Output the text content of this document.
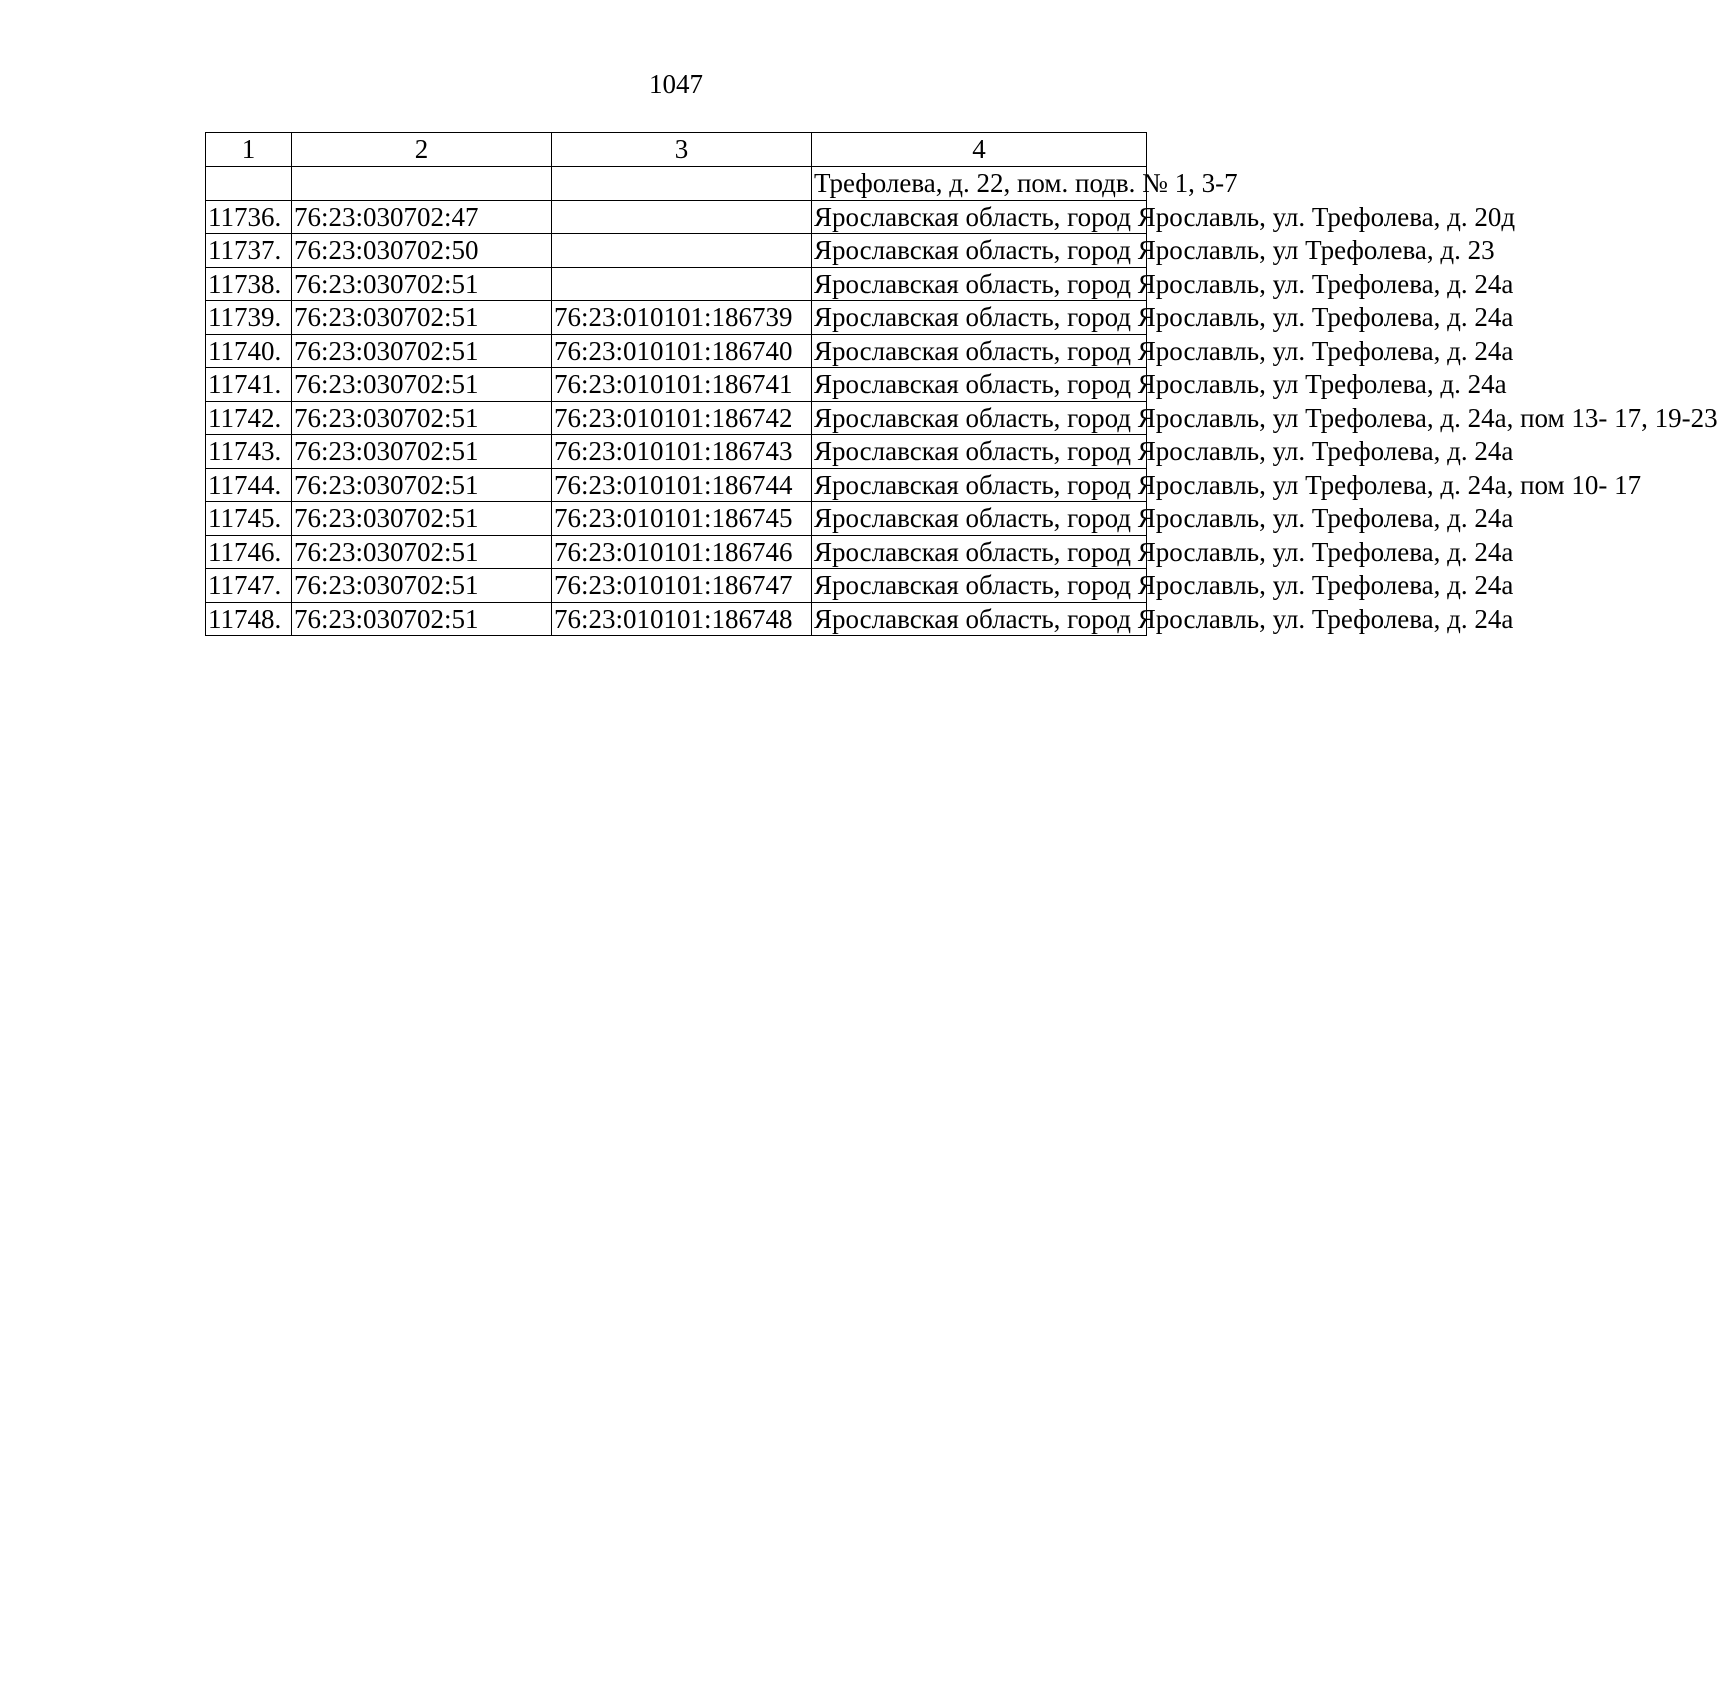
1047
1	2	3	4
			Трефолева, д. 22, пом. подв. № 1, 3-7
11736.	76:23:030702:47		Ярославская область, город Ярославль, ул. Трефолева, д. 20д
11737.	76:23:030702:50		Ярославская область, город Ярославль, ул Трефолева, д. 23
11738.	76:23:030702:51		Ярославская область, город Ярославль, ул. Трефолева, д. 24а
11739.	76:23:030702:51	76:23:010101:186739	Ярославская область, город Ярославль, ул. Трефолева, д. 24а
11740.	76:23:030702:51	76:23:010101:186740	Ярославская область, город Ярославль, ул. Трефолева, д. 24а
11741.	76:23:030702:51	76:23:010101:186741	Ярославская область, город Ярославль, ул Трефолева, д. 24а
11742.	76:23:030702:51	76:23:010101:186742	Ярославская область, город Ярославль, ул Трефолева, д. 24а, пом 13- 17, 19-23
11743.	76:23:030702:51	76:23:010101:186743	Ярославская область, город Ярославль, ул. Трефолева, д. 24а
11744.	76:23:030702:51	76:23:010101:186744	Ярославская область, город Ярославль, ул Трефолева, д. 24а, пом 10- 17
11745.	76:23:030702:51	76:23:010101:186745	Ярославская область, город Ярославль, ул. Трефолева, д. 24а
11746.	76:23:030702:51	76:23:010101:186746	Ярославская область, город Ярославль, ул. Трефолева, д. 24а
11747.	76:23:030702:51	76:23:010101:186747	Ярославская область, город Ярославль, ул. Трефолева, д. 24а
11748.	76:23:030702:51	76:23:010101:186748	Ярославская область, город Ярославль, ул. Трефолева, д. 24а
